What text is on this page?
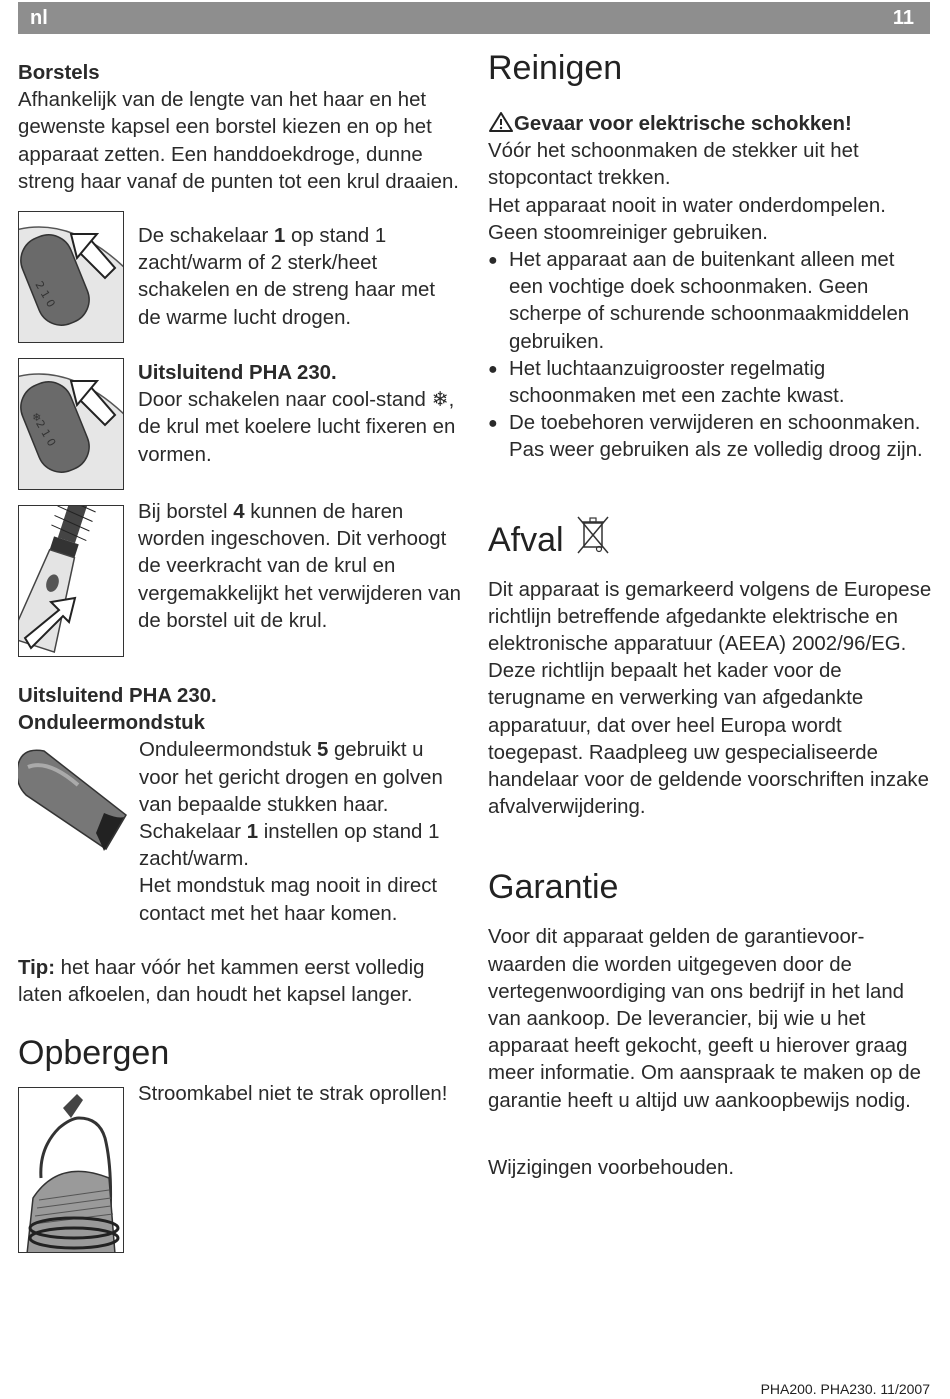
nl	11

Borstels

Afhankelijk van de lengte van het haar en het gewenste kapsel een borstel kiezen en op het apparaat zetten. Een handdoekdroge, dunne streng haar vanaf de punten tot een krul draaien.

2 1 0

De schakelaar 1 op stand 1 zacht/warm of 2 sterk/heet schakelen en de streng haar met de warme lucht drogen.

❄2 1 0

Uitsluitend PHA 230.

Door schakelen naar cool-stand ❄, de krul met koelere lucht fixeren en vormen.

Bij borstel 4 kunnen de haren worden ingeschoven. Dit verhoogt de veerkracht van de krul en vergemakkelijkt het verwijderen van de borstel uit de krul.

Uitsluitend PHA 230.

Onduleermondstuk

Onduleermondstuk 5 gebruikt u voor het gericht drogen en golven van bepaalde stukken haar.

Schakelaar 1 instellen op stand 1 zacht/warm.

Het mondstuk mag nooit in direct contact met het haar komen.

Tip: het haar vóór het kammen eerst volledig laten afkoelen, dan houdt het kapsel langer.

Opbergen

Stroomkabel niet te strak oprollen!

Reinigen

Gevaar voor elektrische schokken!

Vóór het schoonmaken de stekker uit het stopcontact trekken.

Het apparaat nooit in water onderdompelen. Geen stoomreiniger gebruiken.

● Het apparaat aan de buitenkant alleen met een vochtige doek schoonmaken. Geen scherpe of schurende schoonmaakmiddelen gebruiken.
● Het luchtaanzuigrooster regelmatig schoonmaken met een zachte kwast.
● De toebehoren verwijderen en schoonmaken. Pas weer gebruiken als ze volledig droog zijn.
Afval

Dit apparaat is gemarkeerd volgens de Europese richtlijn betreffende afgedankte elektrische en elektronische apparatuur (AEEA) 2002/96/EG. Deze richtlijn bepaalt het kader voor de terugname en verwerking van afgedankte apparatuur, dat over heel Europa wordt toegepast. Raadpleeg uw gespecialiseerde handelaar voor de geldende voorschriften inzake afvalverwijdering.

Garantie

Voor dit apparaat gelden de garantievoor-waarden die worden uitgegeven door de vertegenwoordiging van ons bedrijf in het land van aankoop. De leverancier, bij wie u het apparaat heeft gekocht, geeft u hierover graag meer informatie. Om aanspraak te maken op de garantie heeft u altijd uw aankoopbewijs nodig.

Wijzigingen voorbehouden.

PHA200. PHA230. 11/2007
